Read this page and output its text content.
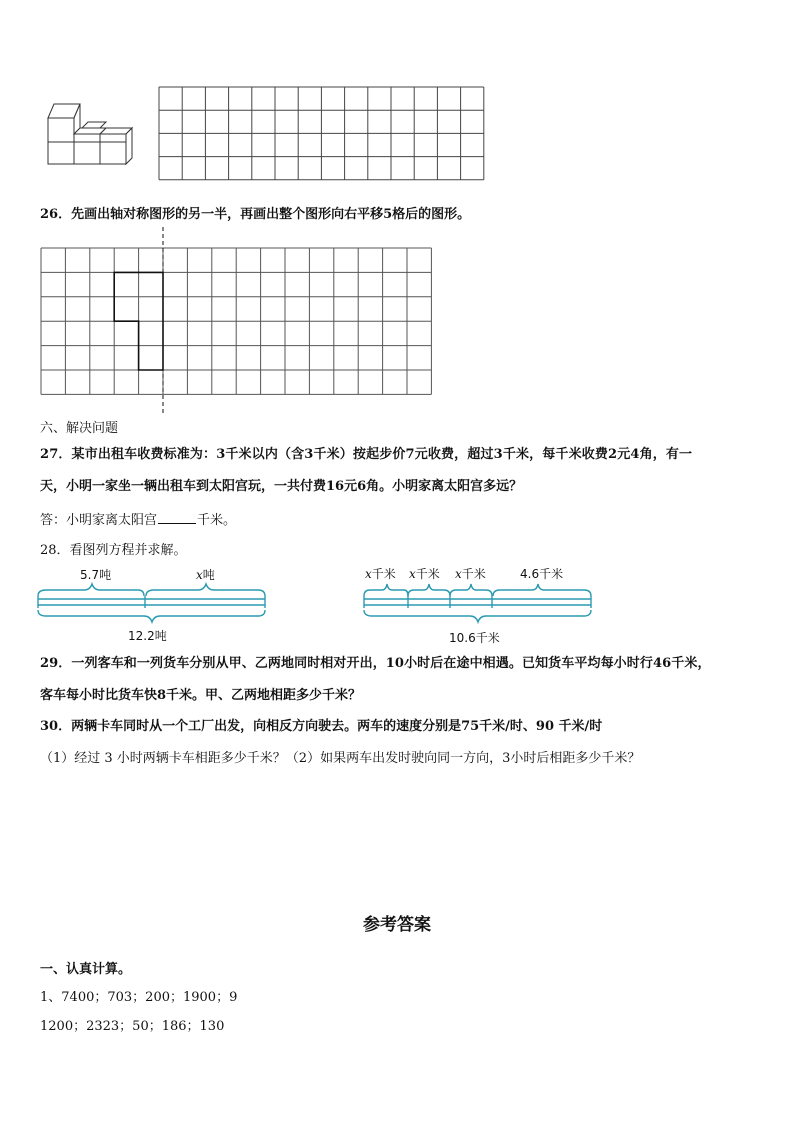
26．先画出轴对称图形的另一半，再画出整个图形向右平移5格后的图形。
六、解决问题
27．某市出租车收费标准为：3千米以内（含3千米）按起步价7元收费，超过3千米，每千米收费2元4角，有一
天，小明一家坐一辆出租车到太阳宫玩，一共付费16元6角。小明家离太阳宫多远？
答：小明家离太阳宫	千米。
28．看图列方程并求解。
5.7吨	x吨
12.2吨
x千米 x千米 x千米	4.6千米
10.6千米
29．一列客车和一列货车分别从甲、乙两地同时相对开出，10小时后在途中相遇。已知货车平均每小时行46千米，
客车每小时比货车快8千米。甲、乙两地相距多少千米？
30．两辆卡车同时从一个工厂出发，向相反方向驶去。两车的速度分别是75千米/时、90 千米/时
（1）经过 3 小时两辆卡车相距多少千米？（2）如果两车出发时驶向同一方向，3小时后相距多少千米？
参考答案
一、认真计算。
1、7400；703；200；1900；9
1200；2323；50；186；130
